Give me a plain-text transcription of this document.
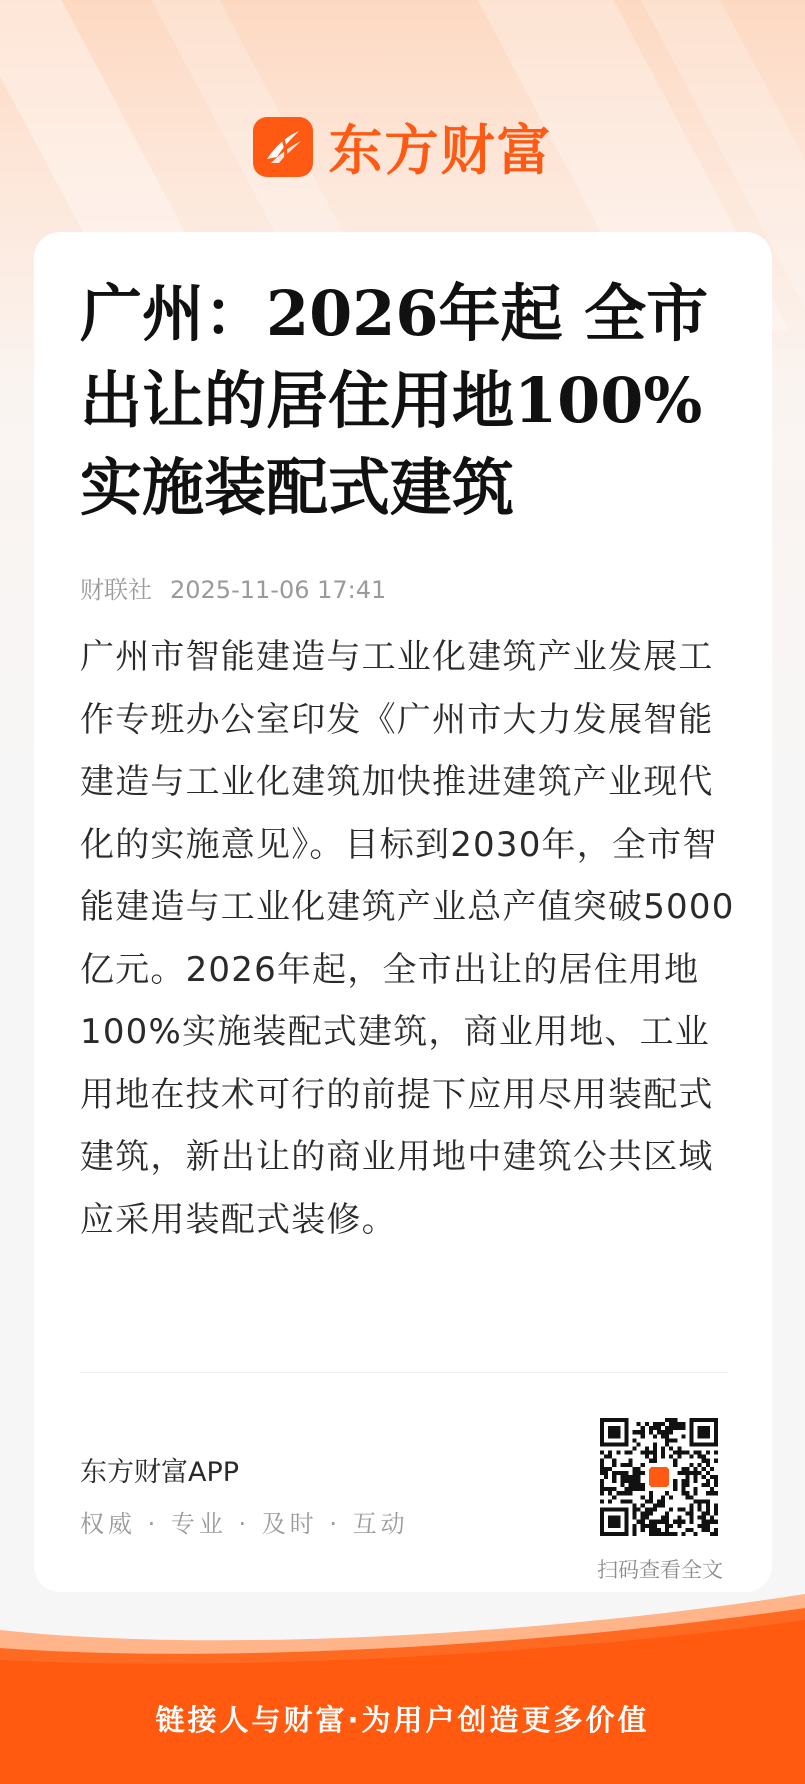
东方财富
广州：2026年起 全市出让的居住用地100%实施装配式建筑
财联社 2025-11-06 17:41

广州市智能建造与工业化建筑产业发展工作专班办公室印发《广州市大力发展智能建造与工业化建筑加快推进建筑产业现代化的实施意见》。目标到2030年，全市智能建造与工业化建筑产业总产值突破5000亿元。2026年起，全市出让的居住用地100%实施装配式建筑，商业用地、工业用地在技术可行的前提下应用尽用装配式建筑，新出让的商业用地中建筑公共区域应采用装配式装修。

东方财富APP
权威 · 专业 · 及时 · 互动
扫码查看全文
链接人与财富·为用户创造更多价值
